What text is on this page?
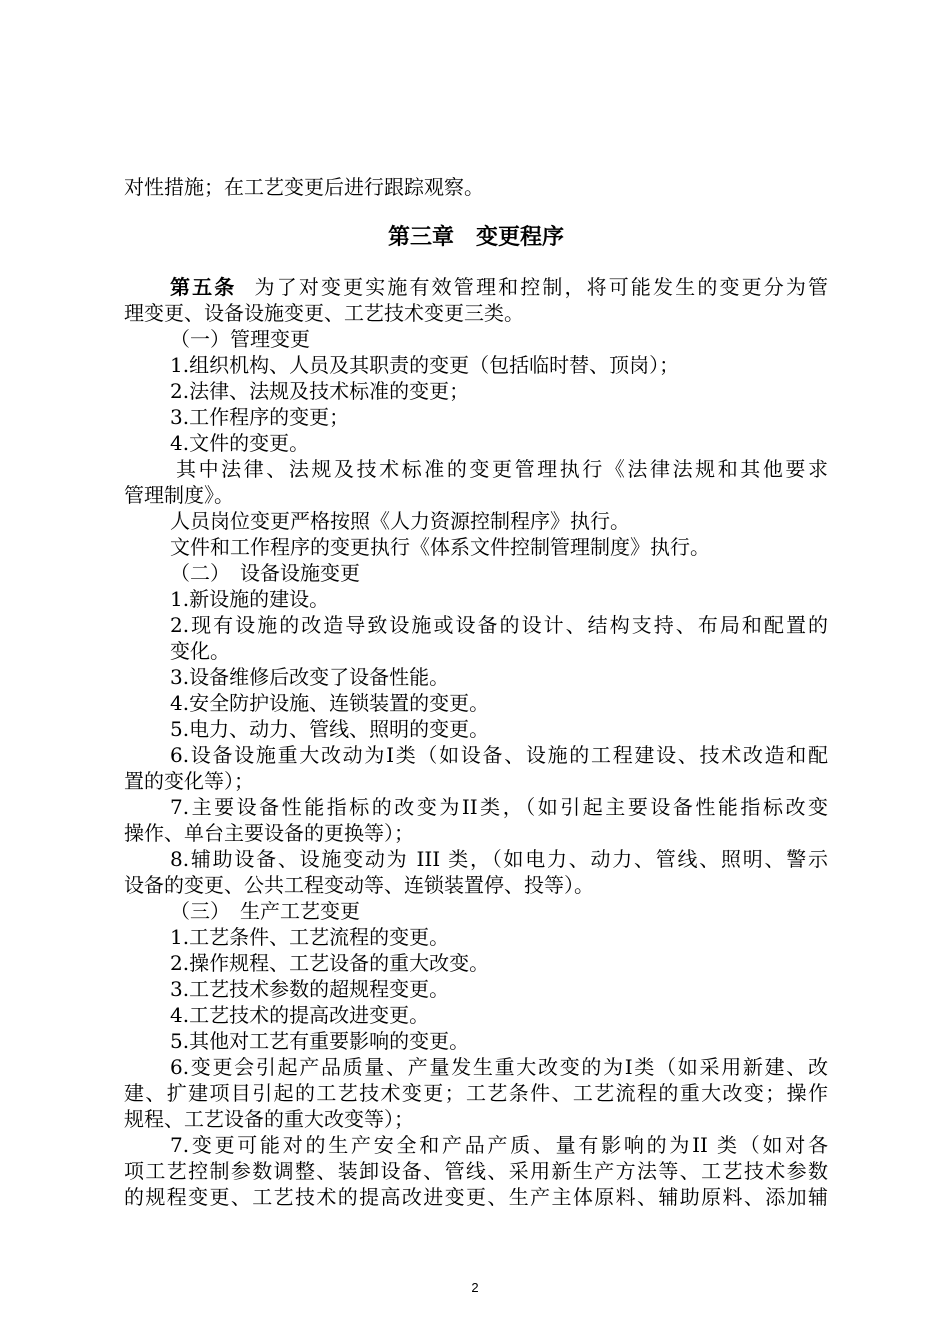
对性措施；在工艺变更后进行跟踪观察。
第三章　变更程序
第五条 为了对变更实施有效管理和控制，将可能发生的变更分为管
理变更、设备设施变更、工艺技术变更三类。
（一）管理变更
1.组织机构、人员及其职责的变更（包括临时替、顶岗）；
2.法律、法规及技术标准的变更；
3.工作程序的变更；
4.文件的变更。
其中法律、法规及技术标准的变更管理执行《法律法规和其他要求
管理制度》。
人员岗位变更严格按照《人力资源控制程序》执行。
文件和工作程序的变更执行《体系文件控制管理制度》执行。
（二）　设备设施变更
1.新设施的建设。
2.现有设施的改造导致设施或设备的设计、结构支持、布局和配置的
变化。
3.设备维修后改变了设备性能。
4.安全防护设施、连锁装置的变更。
5.电力、动力、管线、照明的变更。
6.设备设施重大改动为I类（如设备、设施的工程建设、技术改造和配
置的变化等）；
7.主要设备性能指标的改变为II类，（如引起主要设备性能指标改变
操作、单台主要设备的更换等）；
8.辅助设备、设施变动为 III 类，（如电力、动力、管线、照明、警示
设备的变更、公共工程变动等、连锁装置停、投等）。
（三）　生产工艺变更
1.工艺条件、工艺流程的变更。
2.操作规程、工艺设备的重大改变。
3.工艺技术参数的超规程变更。
4.工艺技术的提高改进变更。
5.其他对工艺有重要影响的变更。
6.变更会引起产品质量、产量发生重大改变的为I类（如采用新建、改
建、扩建项目引起的工艺技术变更；工艺条件、工艺流程的重大改变；操作
规程、工艺设备的重大改变等）；
7.变更可能对的生产安全和产品产质、量有影响的为II 类（如对各
项工艺控制参数调整、装卸设备、管线、采用新生产方法等、工艺技术参数
的规程变更、工艺技术的提高改进变更、生产主体原料、辅助原料、添加辅
2
